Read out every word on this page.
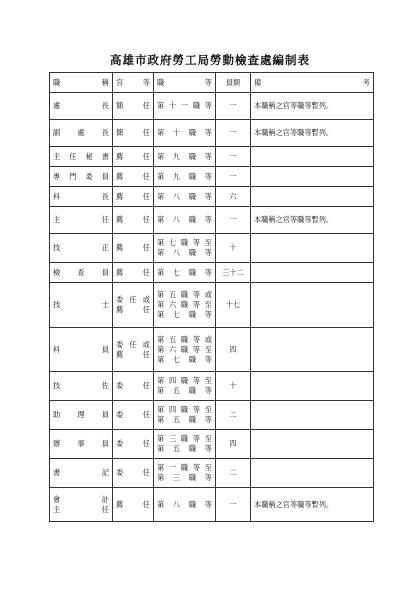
高雄市政府勞工局勞動檢查處編制表
職稱	官等	職等	員額	備考

處長	簡任	第十一職等	一	本職稱之官等職等暫列。

副處長	簡任	第十職等	一	本職稱之官等職等暫列。

主任秘書	薦任	第九職等	一	

專門委員	薦任	第九職等	一	

科長	薦任	第八職等	六	

主任	薦任	第八職等	一	本職稱之官等職等暫列。

技正	薦任	第七職等至
第八職等	十	

檢查員	薦任	第七職等	三十二	

技士	委任或
薦任	第五職等或
第六職等至
第七職等	十七	

科員	委任或
薦任	第五職等或
第六職等至
第七職等	四	

技佐	委任	第四職等至
第五職等	十	

助理員	委任	第四職等至
第五職等	二	

辦事員	委任	第三職等至
第五職等	四	

書記	委任	第一職等至
第三職等	二	

會計
主任	薦任	第八職等	一	本職稱之官等職等暫列。
